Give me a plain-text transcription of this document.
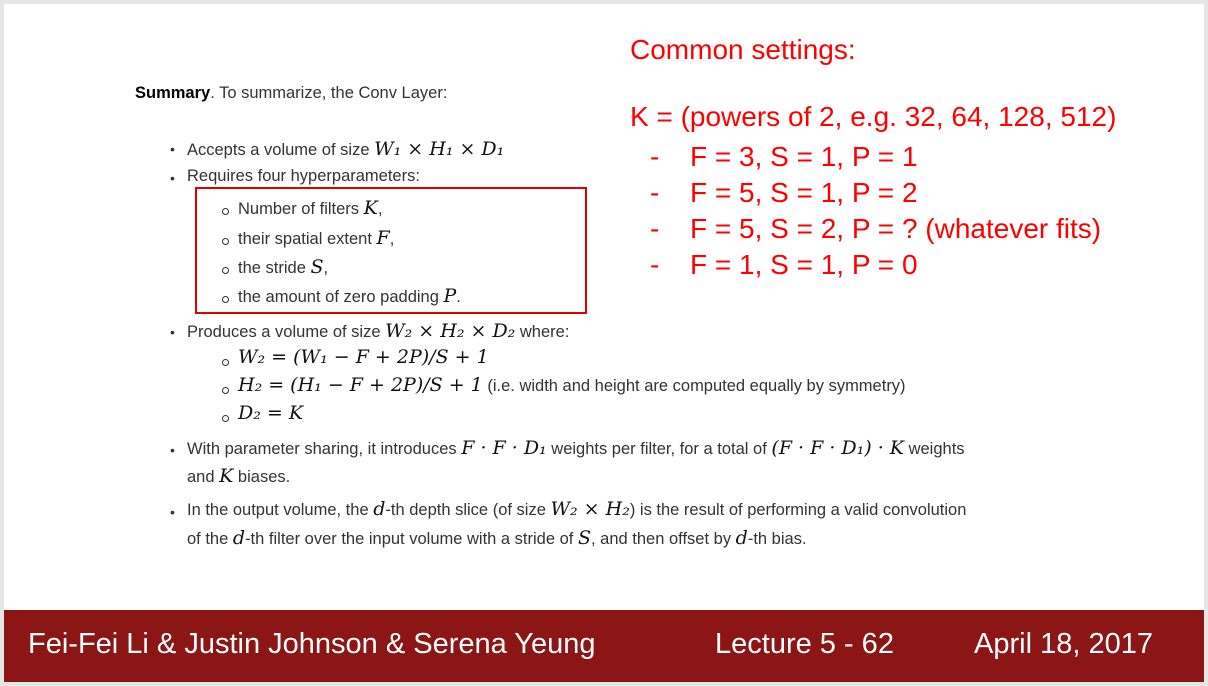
Common settings:
K = (powers of 2, e.g. 32, 64, 128, 512)
- F = 3, S = 1, P = 1
- F = 5, S = 1, P = 2
- F = 5, S = 2, P = ? (whatever fits)
- F = 1, S = 1, P = 0
Summary. To summarize, the Conv Layer:
• Accepts a volume of size W₁ × H₁ × D₁
• Requires four hyperparameters:
Number of filters K,
their spatial extent F,
the stride S,
the amount of zero padding P.
• Produces a volume of size W₂ × H₂ × D₂ where:
W₂ = (W₁ − F + 2P)/S + 1
H₂ = (H₁ − F + 2P)/S + 1 (i.e. width and height are computed equally by symmetry)
D₂ = K
• With parameter sharing, it introduces F · F · D₁ weights per filter, for a total of (F · F · D₁) · K weights
and K biases.
• In the output volume, the d-th depth slice (of size W₂ × H₂) is the result of performing a valid convolution
of the d-th filter over the input volume with a stride of S, and then offset by d-th bias.
Fei-Fei Li & Justin Johnson & Serena Yeung	Lecture 5 - 62	April 18, 2017
